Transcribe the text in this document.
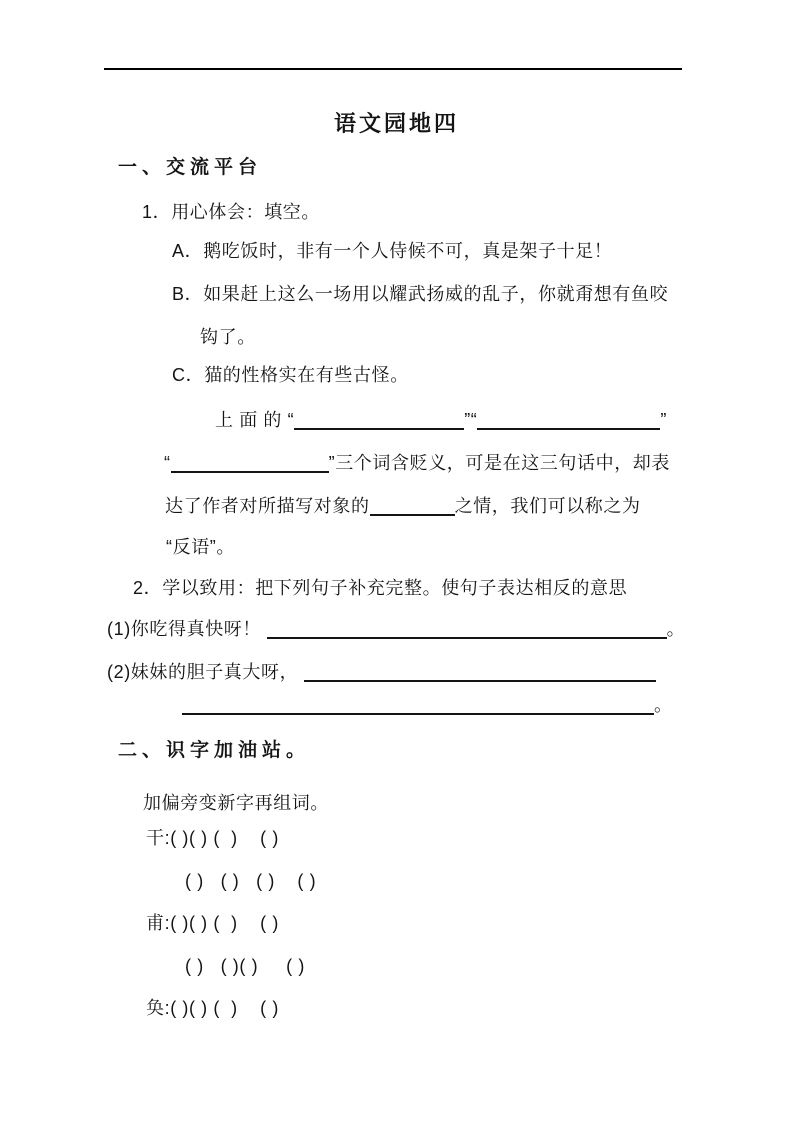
语文园地四
一、交流平台
1．用心体会：填空。
A．鹅吃饭时，非有一个人侍候不可，真是架子十足！
B．如果赶上这么一场用以耀武扬威的乱子，你就甭想有鱼咬
钩了。
C．猫的性格实在有些古怪。
上 面 的 “	”“	”
“	”三个词含贬义，可是在这三句话中，却表
达了作者对所描写对象的	之情，我们可以称之为
“反语”。
2．学以致用：把下列句子补充完整。使句子表达相反的意思
(1)你吃得真快呀！	。
(2)妹妹的胆子真大呀，
。
二、识字加油站。
加偏旁变新字再组词。
干:( )( ) (  )    ( )
( )   ( )   ( )    ( )
甫:( )( ) (  )    ( )
( )   ( )( )     ( )
奂:( )( ) (  )    ( )
